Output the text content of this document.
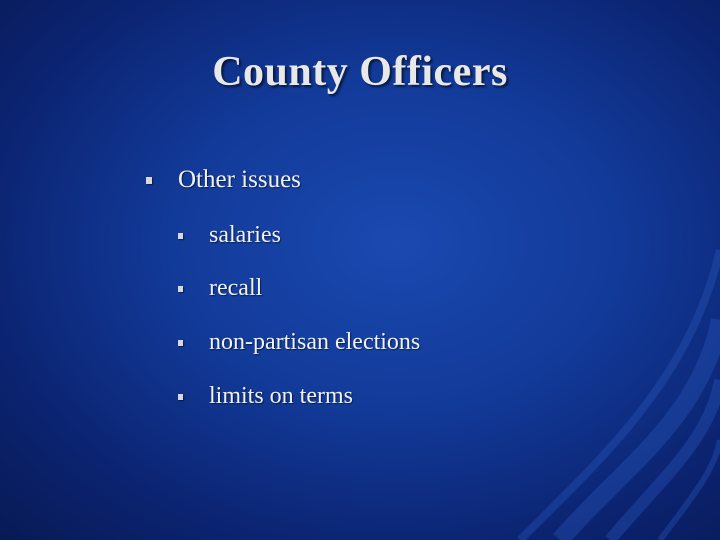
County Officers
Other issues
salaries
recall
non-partisan elections
limits on terms
